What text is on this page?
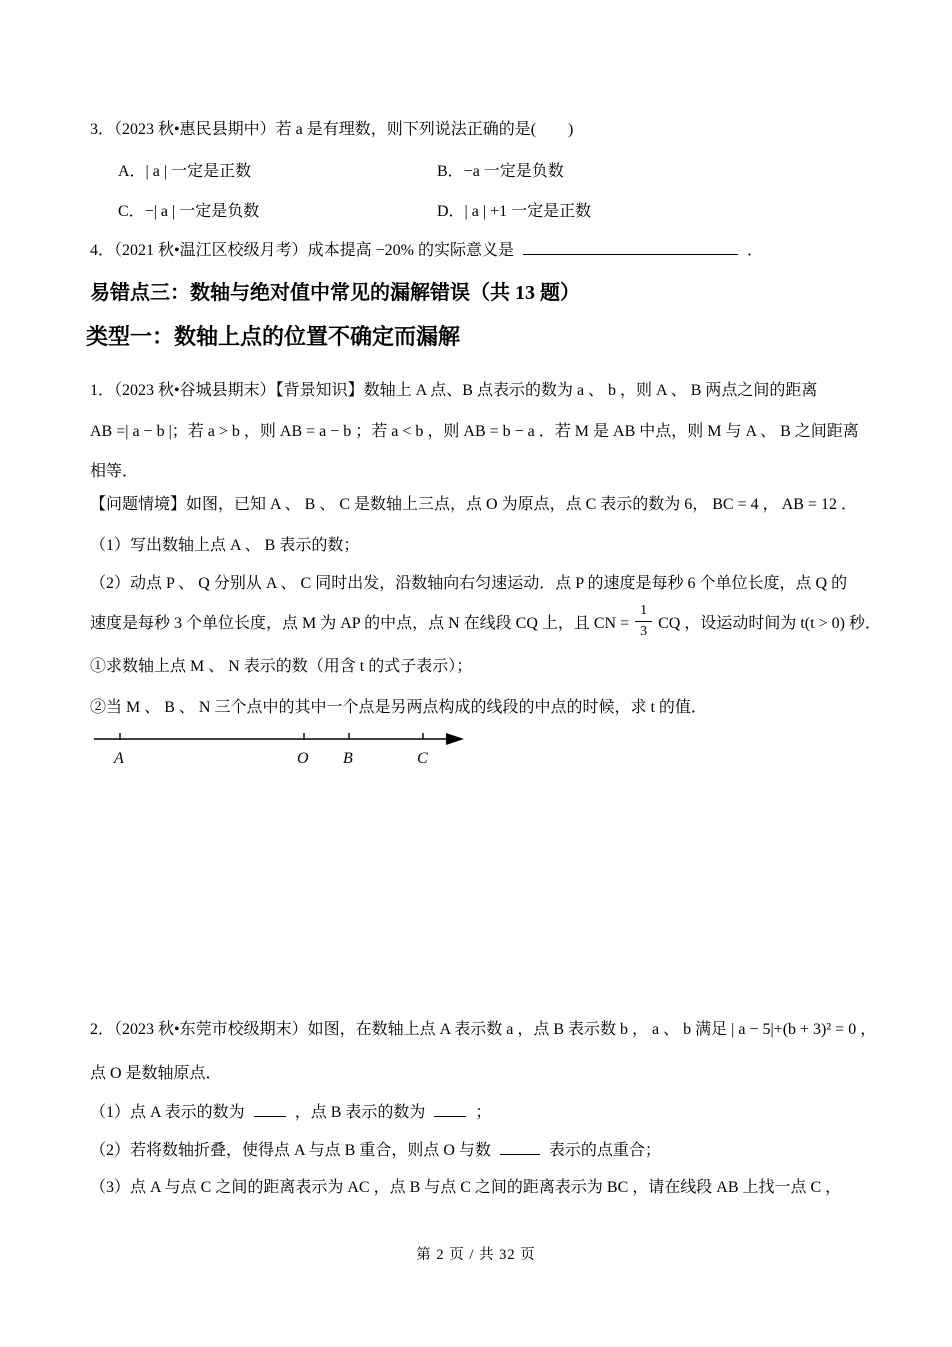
3．（2023 秋•惠民县期中）若 a 是有理数，则下列说法正确的是(　　)
A．| a | 一定是正数	B．−a 一定是负数
C．−| a | 一定是负数	D．| a | +1 一定是正数
4．（2021 秋•温江区校级月考）成本提高 −20% 的实际意义是	．
易错点三：数轴与绝对值中常见的漏解错误（共 13 题）
类型一：数轴上点的位置不确定而漏解
1．（2023 秋•谷城县期末）【背景知识】数轴上 A 点、B 点表示的数为 a 、 b ，则 A 、 B 两点之间的距离
AB =| a − b |；若 a > b ，则 AB = a − b ；若 a < b ，则 AB = b − a ．若 M 是 AB 中点，则 M 与 A 、 B 之间距离
相等．
【问题情境】如图，已知 A 、 B 、 C 是数轴上三点，点 O 为原点，点 C 表示的数为 6， BC = 4 ， AB = 12 ．
（1）写出数轴上点 A 、 B 表示的数；
（2）动点 P 、 Q 分别从 A 、 C 同时出发，沿数轴向右匀速运动．点 P 的速度是每秒 6 个单位长度，点 Q 的
速度是每秒 3 个单位长度，点 M 为 AP 的中点，点 N 在线段 CQ 上，且 CN = $\frac{1}{3}$ CQ ，设运动时间为 t(t > 0) 秒．
①求数轴上点 M 、 N 表示的数（用含 t 的式子表示）；
②当 M 、 B 、 N 三个点中的其中一个点是另两点构成的线段的中点的时候，求 t 的值．
A	O B	C
2．（2023 秋•东莞市校级期末）如图，在数轴上点 A 表示数 a ，点 B 表示数 b ， a 、 b 满足 | a − 5|+(b + 3)² = 0 ，
点 O 是数轴原点．
（1）点 A 表示的数为	，点 B 表示的数为	；
（2）若将数轴折叠，使得点 A 与点 B 重合，则点 O 与数	表示的点重合；
（3）点 A 与点 C 之间的距离表示为 AC ，点 B 与点 C 之间的距离表示为 BC ，请在线段 AB 上找一点 C ，
第 2 页 / 共 32 页
